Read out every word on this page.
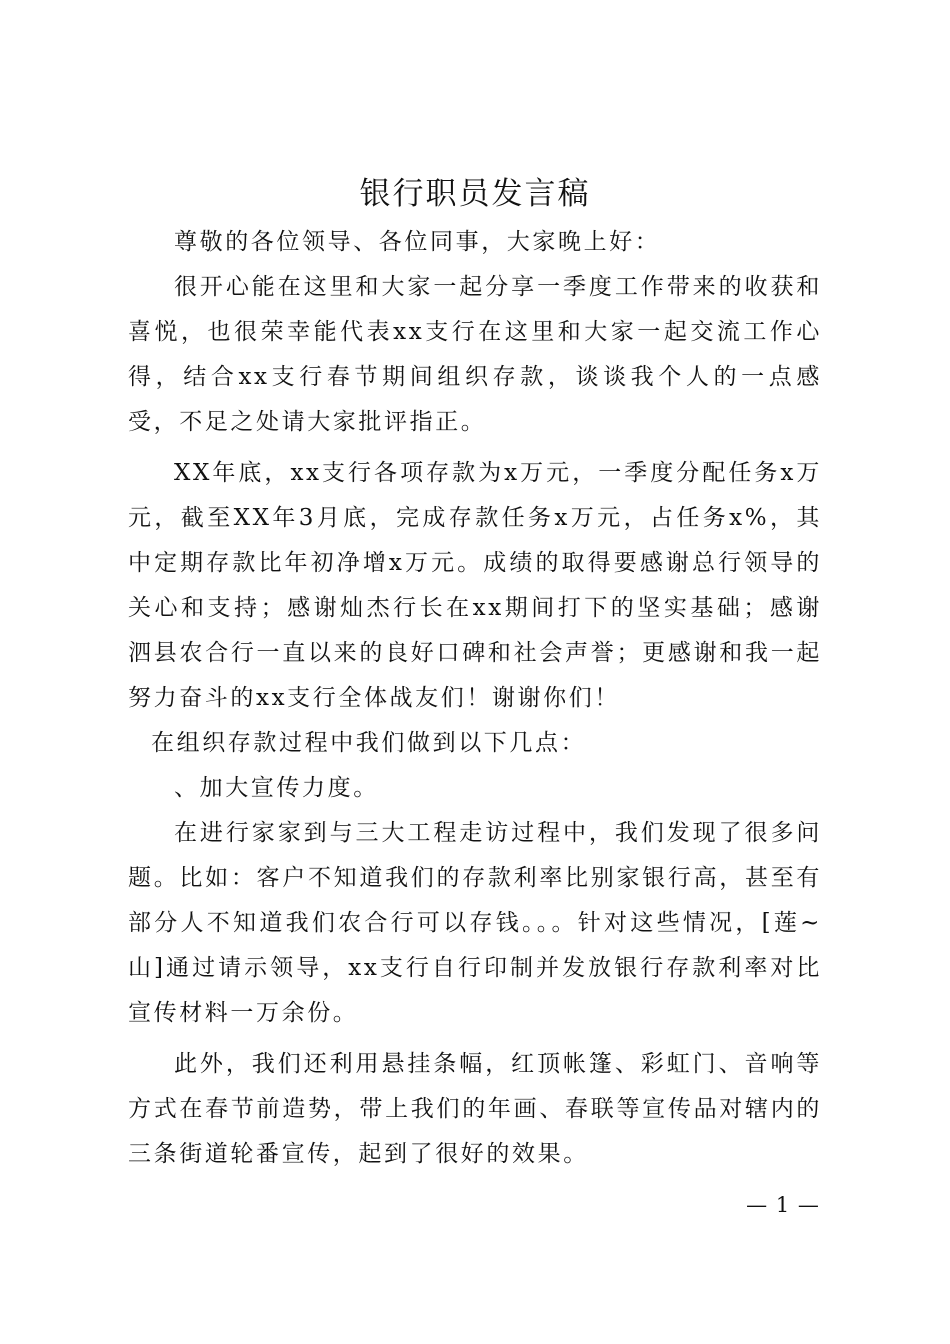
银行职员发言稿

尊敬的各位领导、各位同事，大家晚上好：

很开心能在这里和大家一起分享一季度工作带来的收获和喜悦，也很荣幸能代表xx支行在这里和大家一起交流工作心得，结合xx支行春节期间组织存款，谈谈我个人的一点感受，不足之处请大家批评指正。

XX年底，xx支行各项存款为x万元，一季度分配任务x万元，截至XX年3月底，完成存款任务x万元，占任务x%，其中定期存款比年初净增x万元。成绩的取得要感谢总行领导的关心和支持；感谢灿杰行长在xx期间打下的坚实基础；感谢泗县农合行一直以来的良好口碑和社会声誉；更感谢和我一起努力奋斗的xx支行全体战友们！谢谢你们！

在组织存款过程中我们做到以下几点：

、加大宣传力度。

在进行家家到与三大工程走访过程中，我们发现了很多问题。比如：客户不知道我们的存款利率比别家银行高，甚至有部分人不知道我们农合行可以存钱。。。针对这些情况，[莲~山]通过请示领导，xx支行自行印制并发放银行存款利率对比宣传材料一万余份。

此外，我们还利用悬挂条幅，红顶帐篷、彩虹门、音响等方式在春节前造势，带上我们的年画、春联等宣传品对辖内的三条街道轮番宣传，起到了很好的效果。

— 1 —
